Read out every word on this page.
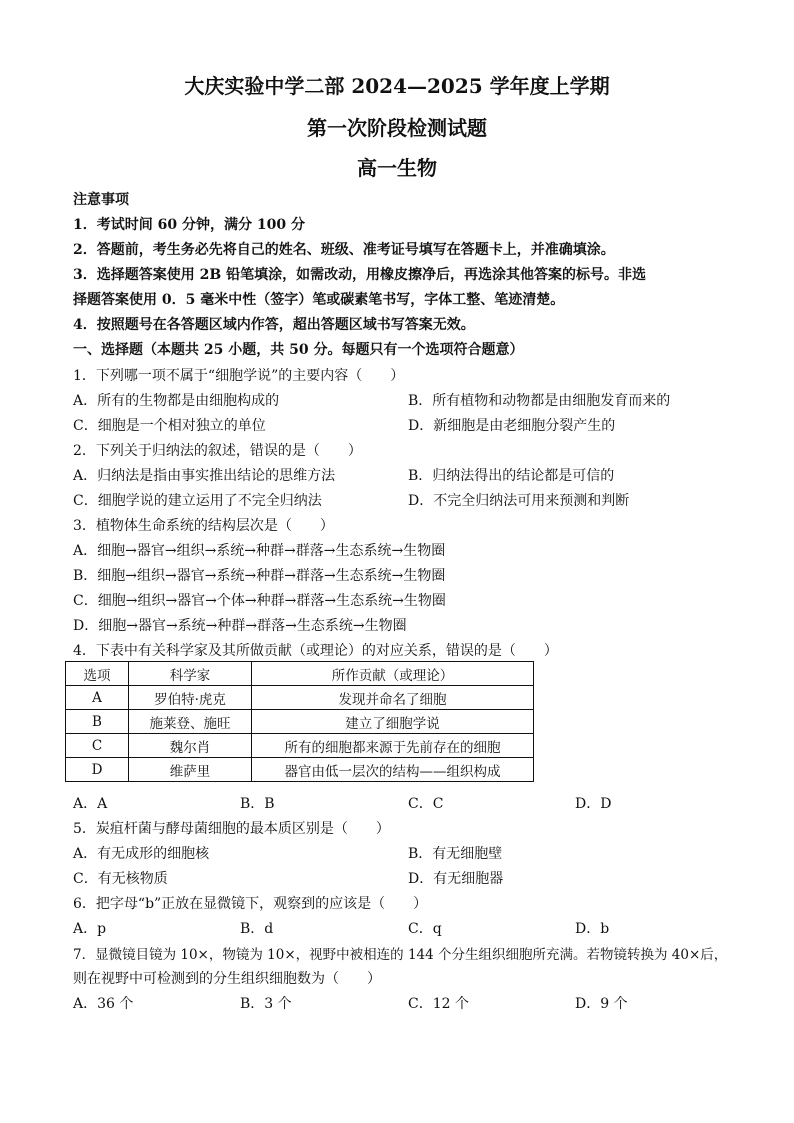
大庆实验中学二部 2024—2025 学年度上学期
第一次阶段检测试题
高一生物
注意事项
1．考试时间 60 分钟，满分 100 分
2．答题前，考生务必先将自己的姓名、班级、准考证号填写在答题卡上，并准确填涂。
3．选择题答案使用 2B 铅笔填涂，如需改动，用橡皮擦净后，再选涂其他答案的标号。非选
择题答案使用 0．5 毫米中性（签字）笔或碳素笔书写，字体工整、笔迹清楚。
4．按照题号在各答题区域内作答，超出答题区域书写答案无效。
一、选择题（本题共 25 小题，共 50 分。每题只有一个选项符合题意）
1．下列哪一项不属于“细胞学说”的主要内容（　　）
A．所有的生物都是由细胞构成的	B．所有植物和动物都是由细胞发育而来的
C．细胞是一个相对独立的单位	D．新细胞是由老细胞分裂产生的
2．下列关于归纳法的叙述，错误的是（　　）
A．归纳法是指由事实推出结论的思维方法	B．归纳法得出的结论都是可信的
C．细胞学说的建立运用了不完全归纳法	D．不完全归纳法可用来预测和判断
3．植物体生命系统的结构层次是（　　）
A．细胞→器官→组织→系统→种群→群落→生态系统→生物圈
B．细胞→组织→器官→系统→种群→群落→生态系统→生物圈
C．细胞→组织→器官→个体→种群→群落→生态系统→生物圈
D．细胞→器官→系统→种群→群落→生态系统→生物圈
4．下表中有关科学家及其所做贡献（或理论）的对应关系，错误的是（　　）
选项	科学家	所作贡献（或理论）
A	罗伯特·虎克	发现并命名了细胞
B	施莱登、施旺	建立了细胞学说
C	魏尔肖	所有的细胞都来源于先前存在的细胞
D	维萨里	器官由低一层次的结构——组织构成
A．A	B．B	C．C	D．D
5．炭疽杆菌与酵母菌细胞的最本质区别是（　　）
A．有无成形的细胞核	B．有无细胞壁
C．有无核物质	D．有无细胞器
6．把字母“b”正放在显微镜下，观察到的应该是（　　）
A．p	B．d	C．q	D．b
7．显微镜目镜为 10×，物镜为 10×，视野中被相连的 144 个分生组织细胞所充满。若物镜转换为 40×后，
则在视野中可检测到的分生组织细胞数为（　　）
A．36 个	B．3 个	C．12 个	D．9 个
